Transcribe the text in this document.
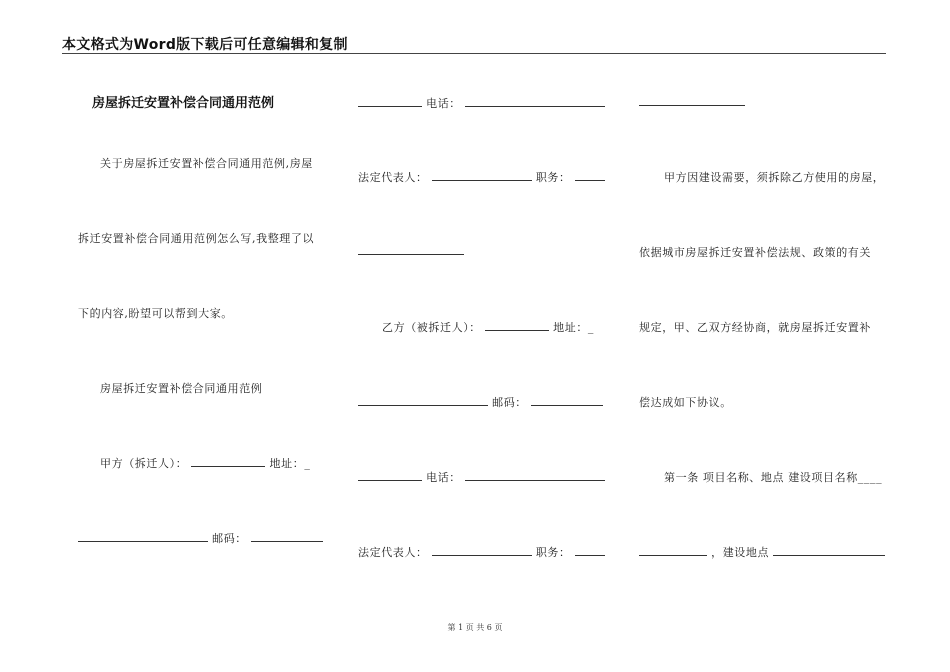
本文格式为Word版下载后可任意编辑和复制
房屋拆迁安置补偿合同通用范例
关于房屋拆迁安置补偿合同通用范例,房屋
拆迁安置补偿合同通用范例怎么写,我整理了以
下的内容,盼望可以帮到大家。
房屋拆迁安置补偿合同通用范例
甲方（拆迁人）：	地址：_
邮码：
电话：
法定代表人：	职务：
乙方（被拆迁人）：	地址：_
邮码：
电话：
法定代表人：	职务：
甲方因建设需要，须拆除乙方使用的房屋，
依据城市房屋拆迁安置补偿法规、政策的有关
规定，甲、乙双方经协商，就房屋拆迁安置补
偿达成如下协议。
第一条 项目名称、地点 建设项目名称____
，建设地点
第 1 页 共 6 页
